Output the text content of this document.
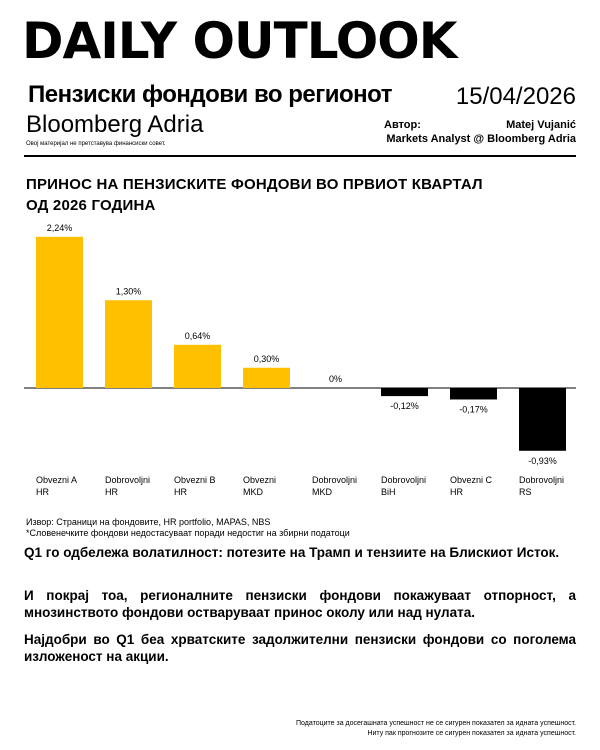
DAILY OUTLOOK
Пензиски фондови во регионот	15/04/2026
Bloomberg Adria
Овој материјал не претставува финансиски совет.
Автор:	Matej Vujanić
Markets Analyst @ Bloomberg Adria
ПРИНОС НА ПЕНЗИСКИТЕ ФОНДОВИ ВО ПРВИОТ КВАРТАЛ
ОД 2026 ГОДИНА
2,24%
Obvezni A
HR
1,30%
Dobrovoljni
HR
0,64%
Obvezni B
HR
0,30%
Obvezni
MKD
0%
Dobrovoljni
MKD
-0,12%
Dobrovoljni
BiH
-0,17%
Obvezni C
HR
-0,93%
Dobrovoljni
RS
Извор: Страници на фондовите, HR portfolio, MAPAS, NBS
*Словенечките фондови недостасуваат поради недостиг на збирни податоци
Q1 го одбележа волатилност: потезите на Трамп и тензиите на Блискиот Исток.
И покрај тоа, регионалните пензиски фондови покажуваат отпорност, а мнозинството фондови остваруваат принос околу или над нулата.
Најдобри во Q1 беа хрватските задолжителни пензиски фондови со поголема изложеност на акции.
Податоците за досегашната успешност не се сигурен показател за идната успешност.
Ниту пак прогнозите се сигурен показател за идната успешност.
